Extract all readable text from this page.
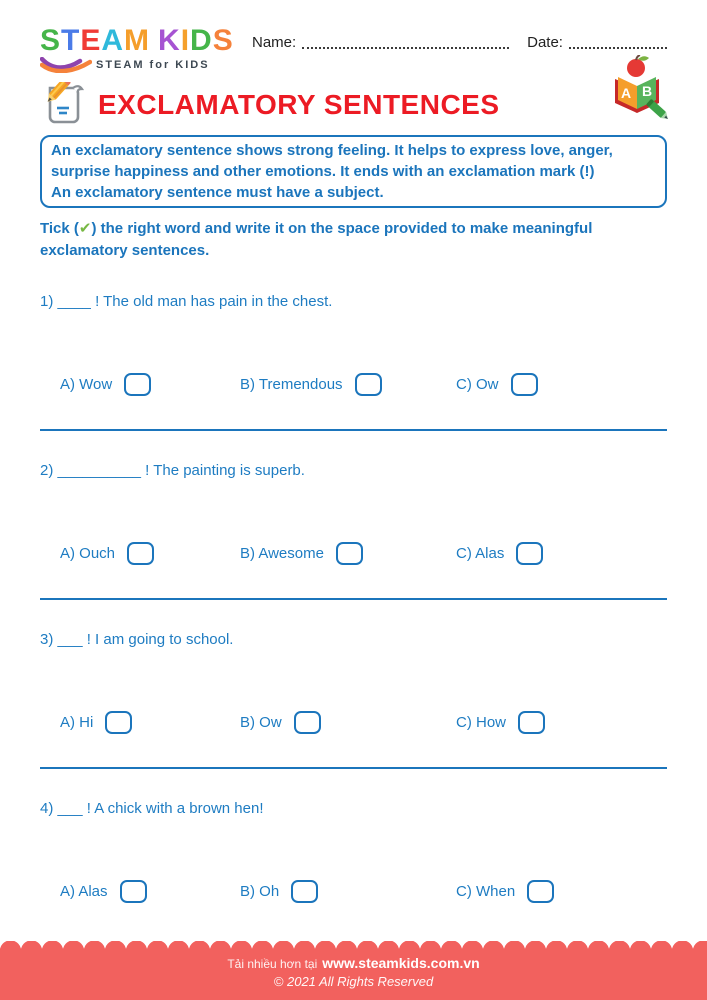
STEAM KIDS
STEAM for KIDS
Name:	Date:
EXCLAMATORY SENTENCES	A B
An exclamatory sentence shows strong feeling. It helps to express love, anger,
surprise happiness and other emotions. It ends with an exclamation mark (!)
An exclamatory sentence must have a subject.
Tick (✔) the right word and write it on the space provided to make meaningful exclamatory sentences.
1) ____ ! The old man has pain in the chest.
A) Wow	B) Tremendous	C) Ow
2) __________ ! The painting is superb.
A) Ouch	B) Awesome	C) Alas
3) ___ ! I am going to school.
A) Hi	B) Ow	C) How
4) ___ ! A chick with a brown hen!
A) Alas	B) Oh	C) When
Tải nhiều hơn tại www.steamkids.com.vn
© 2021 All Rights Reserved
